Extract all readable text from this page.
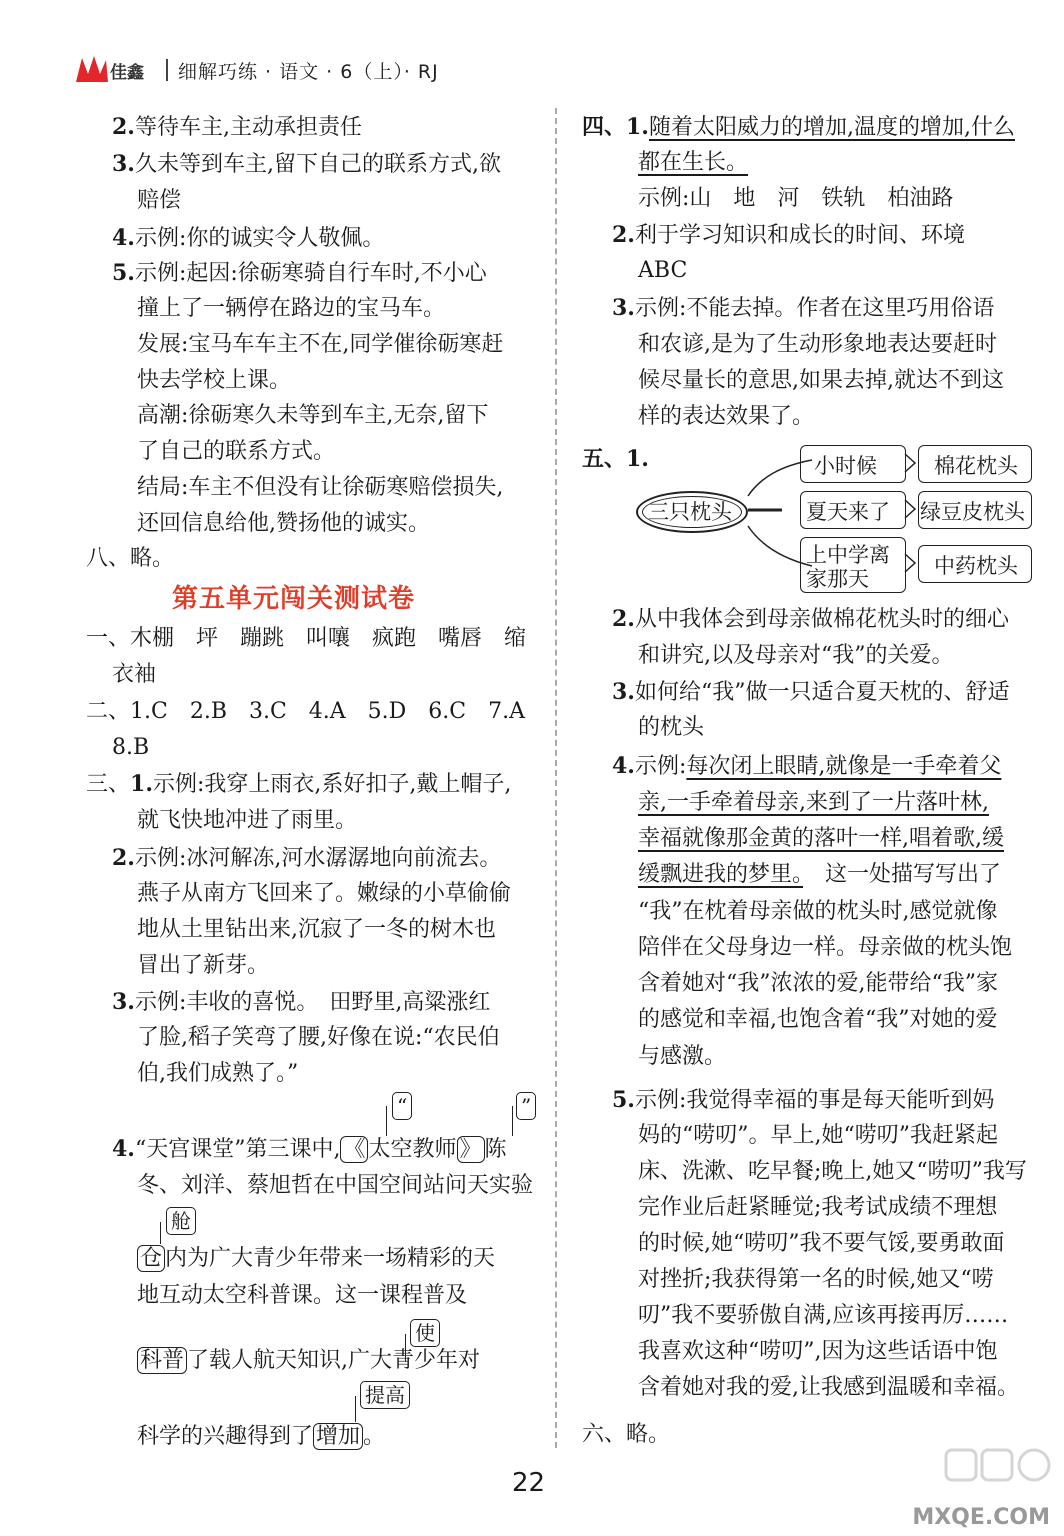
佳鑫 细解巧练 · 语文 · 6（上）· RJ
2.等待车主,主动承担责任
3.久未等到车主,留下自己的联系方式,欲
赔偿
4.示例:你的诚实令人敬佩。
5.示例:起因:徐砺寒骑自行车时,不小心
撞上了一辆停在路边的宝马车。
发展:宝马车车主不在,同学催徐砺寒赶
快去学校上课。
高潮:徐砺寒久未等到车主,无奈,留下
了自己的联系方式。
结局:车主不但没有让徐砺寒赔偿损失,
还回信息给他,赞扬他的诚实。
八、略。
第五单元闯关测试卷
一、木棚　坪　蹦跳　叫嚷　疯跑　嘴唇　缩
衣袖
二、1.C　2.B　3.C　4.A　5.D　6.C　7.A
8.B
三、1.示例:我穿上雨衣,系好扣子,戴上帽子,
就飞快地冲进了雨里。
2.示例:冰河解冻,河水潺潺地向前流去。
燕子从南方飞回来了。嫩绿的小草偷偷
地从土里钻出来,沉寂了一冬的树木也
冒出了新芽。
3.示例:丰收的喜悦。　田野里,高粱涨红
了脸,稻子笑弯了腰,好像在说:“农民伯
伯,我们成熟了。”
“	”
4.“天宫课堂”第三课中, 《 太空教师 》 陈
冬、刘洋、蔡旭哲在中国空间站问天实验
舱
仓 内为广大青少年带来一场精彩的天
地互动太空科普课。这一课程普及
使
科普 了载人航天知识,广大青少年对
提高
科学的兴趣得到了 增加 。
四、1.随着太阳威力的增加,温度的增加,什么
都在生长。
示例:山　地　河　铁轨　柏油路
2.利于学习知识和成长的时间、环境
ABC
3.示例:不能去掉。作者在这里巧用俗语
和农谚,是为了生动形象地表达要赶时
候尽量长的意思,如果去掉,就达不到这
样的表达效果了。
五、1.
三只枕头
小时候
夏天来了
上中学离
家那天
棉花枕头
绿豆皮枕头
中药枕头
2.从中我体会到母亲做棉花枕头时的细心
和讲究,以及母亲对“我”的关爱。
3.如何给“我”做一只适合夏天枕的、舒适
的枕头
4.示例:每次闭上眼睛,就像是一手牵着父
亲,一手牵着母亲,来到了一片落叶林,
幸福就像那金黄的落叶一样,唱着歌,缓
缓飘进我的梦里。　这一处描写写出了
“我”在枕着母亲做的枕头时,感觉就像
陪伴在父母身边一样。母亲做的枕头饱
含着她对“我”浓浓的爱,能带给“我”家
的感觉和幸福,也饱含着“我”对她的爱
与感激。
5.示例:我觉得幸福的事是每天能听到妈
妈的“唠叨”。早上,她“唠叨”我赶紧起
床、洗漱、吃早餐;晚上,她又“唠叨”我写
完作业后赶紧睡觉;我考试成绩不理想
的时候,她“唠叨”我不要气馁,要勇敢面
对挫折;我获得第一名的时候,她又“唠
叨”我不要骄傲自满,应该再接再厉……
我喜欢这种“唠叨”,因为这些话语中饱
含着她对我的爱,让我感到温暖和幸福。
六、略。
22
MXQE.COM
